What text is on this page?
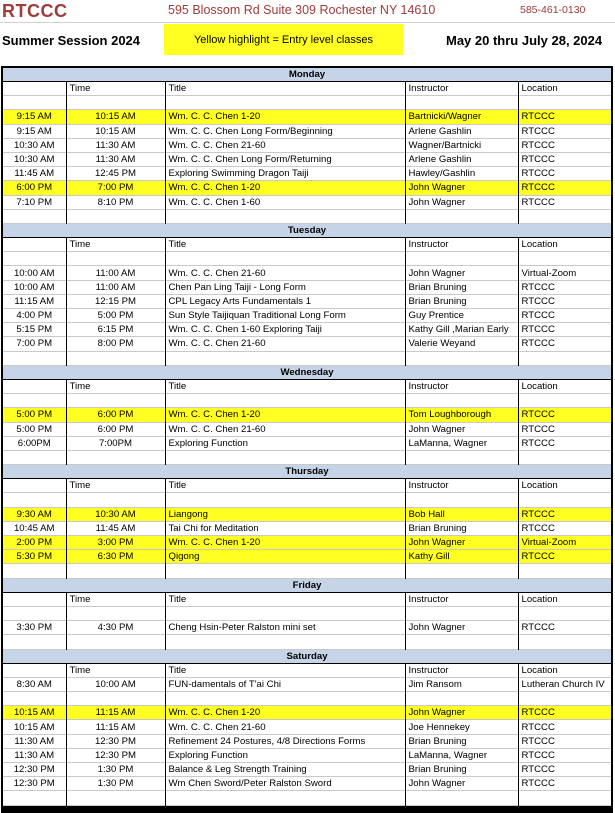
RTCCC	595 Blossom Rd Suite 309 Rochester NY 14610	585-461-0130
Summer Session 2024	Yellow highlight = Entry level classes	May 20 thru July 28, 2024
Monday				
	Time	Title	Instructor	Location

9:15 AM	10:15 AM	Wm. C. C. Chen 1-20	Bartnicki/Wagner	RTCCC
9:15 AM	10:15 AM	Wm. C. C. Chen Long Form/Beginning	Arlene Gashlin	RTCCC
10:30 AM	11:30 AM	Wm. C. C. Chen 21-60	Wagner/Bartnicki	RTCCC
10:30 AM	11:30 AM	Wm. C. C. Chen Long Form/Returning	Arlene Gashlin	RTCCC
11:45 AM	12:45 PM	Exploring Swimming Dragon Taiji	Hawley/Gashlin	RTCCC
6:00 PM	7:00 PM	Wm. C. C. Chen 1-20	John Wagner	RTCCC
7:10 PM	8:10 PM	Wm. C. C. Chen 1-60	John Wagner	RTCCC

Tuesday				
	Time	Title	Instructor	Location

10:00 AM	11:00 AM	Wm. C. C. Chen 21-60	John Wagner	Virtual-Zoom
10:00 AM	11:00 AM	Chen Pan Ling Taiji - Long Form	Brian Bruning	RTCCC
11:15 AM	12:15 PM	CPL Legacy Arts Fundamentals 1	Brian Bruning	RTCCC
4:00 PM	5:00 PM	Sun Style Taijiquan Traditional Long Form	Guy Prentice	RTCCC
5:15 PM	6:15 PM	Wm. C. C. Chen 1-60 Exploring Taiji	Kathy Gill ,Marian Early	RTCCC
7:00 PM	8:00 PM	Wm. C. C. Chen 21-60	Valerie Weyand	RTCCC

Wednesday				
	Time	Title	Instructor	Location

5:00 PM	6:00 PM	Wm. C. C. Chen 1-20	Tom Loughborough	RTCCC
5:00 PM	6:00 PM	Wm. C. C. Chen 21-60	John Wagner	RTCCC
6:00PM	7:00PM	Exploring Function	LaManna, Wagner	RTCCC

Thursday				
	Time	Title	Instructor	Location

9:30 AM	10:30 AM	Liangong	Bob Hall	RTCCC
10:45 AM	11:45 AM	Tai Chi for Meditation	Brian Bruning	RTCCC
2:00 PM	3:00 PM	Wm. C. C. Chen 1-20	John Wagner	Virtual-Zoom
5:30 PM	6:30 PM	Qigong	Kathy Gill	RTCCC

Friday				
	Time	Title	Instructor	Location

3:30 PM	4:30 PM	Cheng Hsin-Peter Ralston mini set	John Wagner	RTCCC

Saturday				
	Time	Title	Instructor	Location
8:30 AM	10:00 AM	FUN-damentals of T'ai Chi	Jim Ransom	Lutheran Church IV

10:15 AM	11:15 AM	Wm. C. C. Chen 1-20	John Wagner	RTCCC
10:15 AM	11:15 AM	Wm. C. C. Chen 21-60	Joe Hennekey	RTCCC
11:30 AM	12:30 PM	Refinement 24 Postures, 4/8 Directions Forms	Brian Bruning	RTCCC
11:30 AM	12:30 PM	Exploring Function	LaManna, Wagner	RTCCC
12:30 PM	1:30 PM	Balance & Leg Strength Training	Brian Bruning	RTCCC
12:30 PM	1:30 PM	Wm Chen Sword/Peter Ralston Sword	John Wagner	RTCCC
